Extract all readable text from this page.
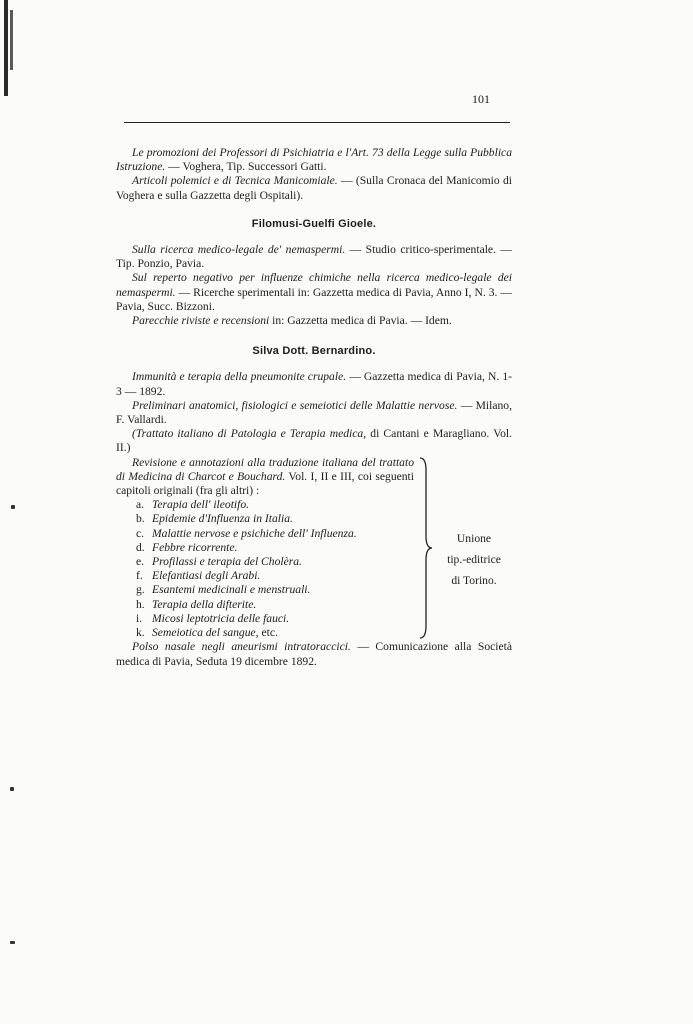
101

Le promozioni dei Professori di Psichiatria e l'Art. 73 della Legge sulla Pubblica Istruzione. — Voghera, Tip. Successori Gatti.

Articoli polemici e di Tecnica Manicomiale. — (Sulla Cronaca del Manicomio di Voghera e sulla Gazzetta degli Ospitali).

Filomusi-Guelfi Gioele.

Sulla ricerca medico-legale de' nemaspermi. — Studio critico-sperimentale. — Tip. Ponzio, Pavia.

Sul reperto negativo per influenze chimiche nella ricerca medico-legale dei nemaspermi. — Ricerche sperimentali in: Gazzetta medica di Pavia, Anno I, N. 3. — Pavia, Succ. Bizzoni.

Parecchie riviste e recensioni in: Gazzetta medica di Pavia. — Idem.

Silva Dott. Bernardino.

Immunità e terapia della pneumonite crupale. — Gazzetta medica di Pavia, N. 1-3 — 1892.

Preliminari anatomici, fisiologici e semeiotici delle Malattie nervose. — Milano, F. Vallardi.

(Trattato italiano di Patologia e Terapia medica, di Cantani e Maragliano. Vol. II.)

Revisione e annotazioni alla traduzione italiana del trattato di Medicina di Charcot e Bouchard. Vol. I, II e III, coi seguenti capitoli originali (fra gli altri) :

a. Terapia dell' ileotifo.
b. Epidemie d'Influenza in Italia.
c. Malattie nervose e psichiche dell' Influenza.
d. Febbre ricorrente.
e. Profilassi e terapia del Cholèra.
f. Elefantiasi degli Arabi.
g. Esantemi medicinali e menstruali.
h. Terapia della difterite.
i. Micosi leptotricia delle fauci.
k. Semeiotica del sangue, etc.
Unione
tip.-editrice
di Torino.

Polso nasale negli aneurismi intratoraccici. — Comunicazione alla Società medica di Pavia, Seduta 19 dicembre 1892.
